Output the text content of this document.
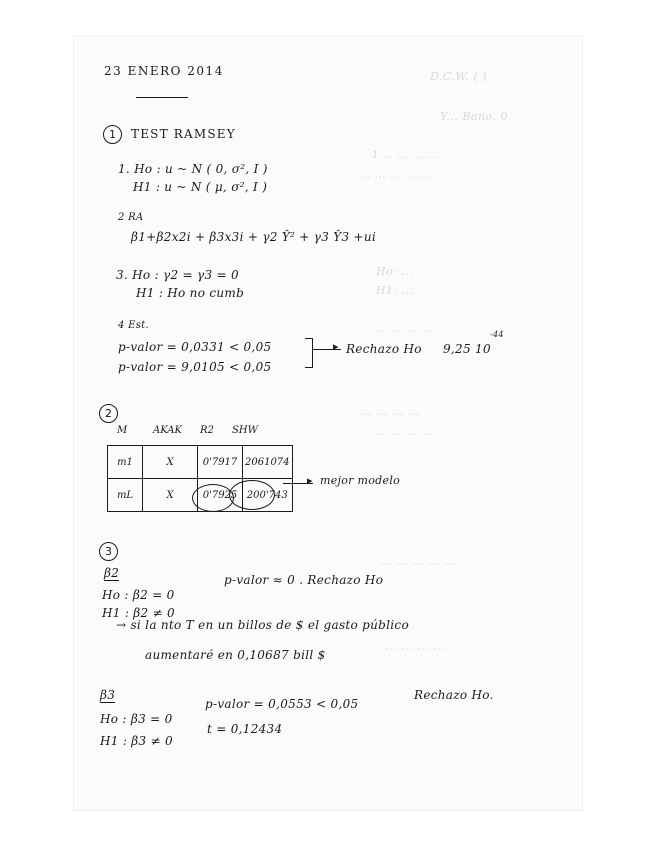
D.C.W. ( )
Y... Bano. 0
1 ... ... ... ...
... ... ... ... ...
Ho: ...
H1: ...
... ... ... ...
... ... ... ...
... ... ... ...
... ... ... ... ...
... ... ... ...
23 ENERO 2014
1	TEST RAMSEY
1. Ho : u ~ N ( 0, σ², I )
H1 : u ~ N ( μ, σ², I )
2 RA
β1+β2x2i + β3x3i + γ2 Ŷ² + γ3 Ŷ3 +ui
3. Ho : γ2 = γ3 = 0
H1 : Ho no cumb
4 Est.
p-valor = 0,0331 < 0,05
p-valor = 9,0105 < 0,05
▸ Rechazo Ho 9,25 10
-44
2
M	AKAK R2 SHW
m1	X	0'7917	2061074
mL	X	0'7925	200'743
▸ mejor modelo
3
β2
Ho : β2 = 0
H1 : β2 ≠ 0
p-valor ≈ 0 . Rechazo Ho
→ si la nto T en un billos de $ el gasto público
aumentaré en 0,10687 bill $
β3
Ho : β3 = 0
H1 : β3 ≠ 0
p-valor = 0,0553 < 0,05
Rechazo Ho.
t = 0,12434
